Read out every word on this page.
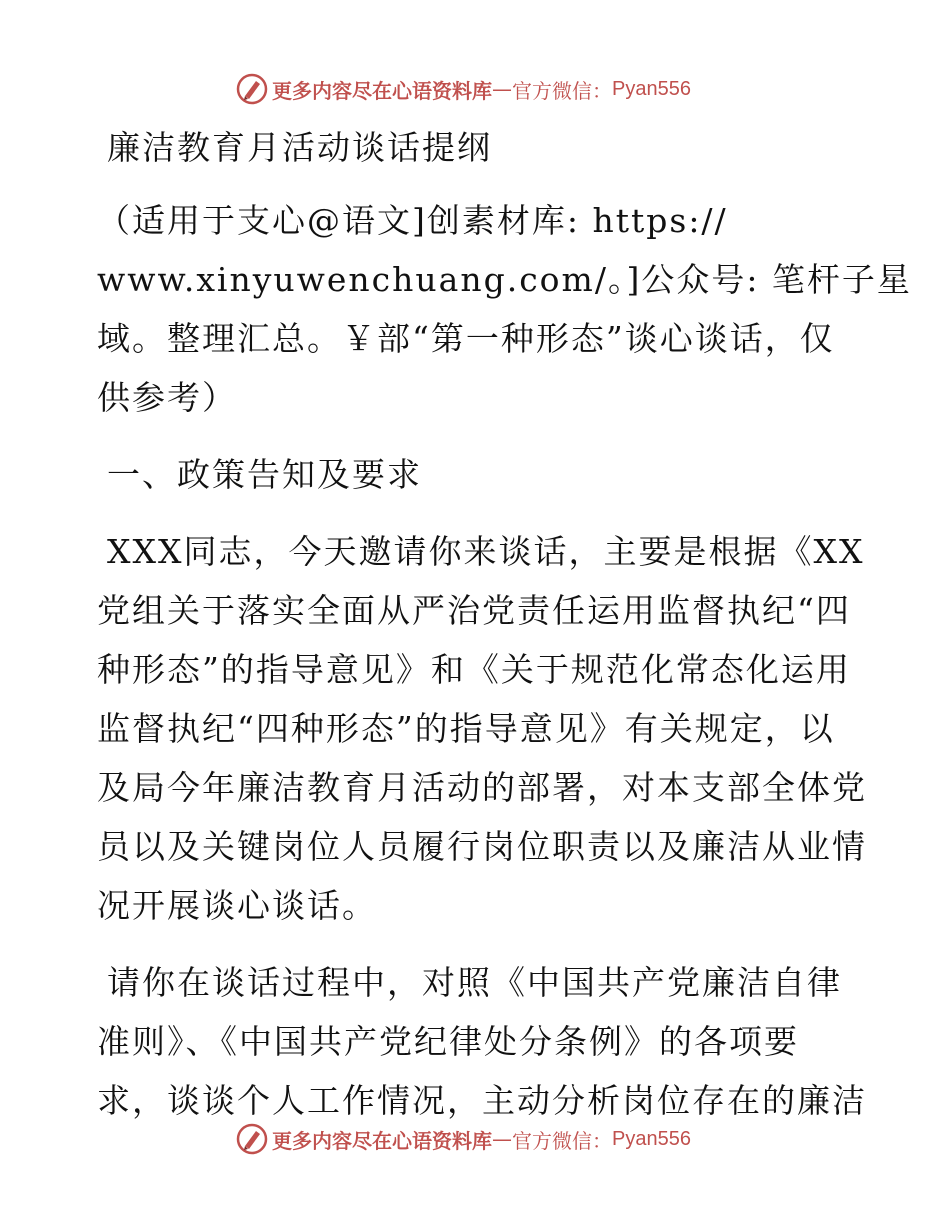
更多内容尽在心语资料库 — 官方微信： Pyan556
廉洁教育月活动谈话提纲
（适用于支心@语文]创素材库: https://
www.xinyuwenchuang.com/。]公众号: 笔杆子星
域。整理汇总。￥部“第一种形态”谈心谈话，仅
供参考）
一、政策告知及要求
XXX同志，今天邀请你来谈话，主要是根据《XX
党组关于落实全面从严治党责任运用监督执纪“四
种形态”的指导意见》和《关于规范化常态化运用
监督执纪“四种形态”的指导意见》有关规定，以
及局今年廉洁教育月活动的部署，对本支部全体党
员以及关键岗位人员履行岗位职责以及廉洁从业情
况开展谈心谈话。
请你在谈话过程中，对照《中国共产党廉洁自律
准则》、《中国共产党纪律处分条例》的各项要
求，谈谈个人工作情况，主动分析岗位存在的廉洁
更多内容尽在心语资料库 — 官方微信： Pyan556
